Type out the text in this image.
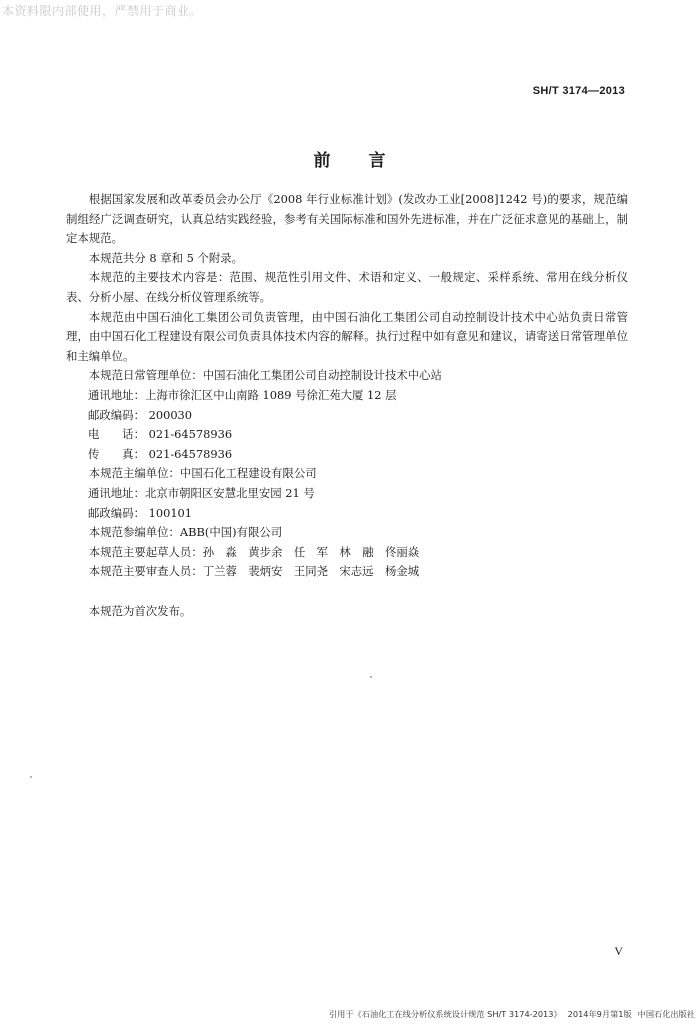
本资料限内部使用，严禁用于商业。
SH/T 3174—2013
前言

根据国家发展和改革委员会办公厅《2008 年行业标准计划》(发改办工业[2008]1242 号)的要求，规范编制组经广泛调查研究，认真总结实践经验，参考有关国际标准和国外先进标准，并在广泛征求意见的基础上，制定本规范。

本规范共分 8 章和 5 个附录。

本规范的主要技术内容是：范围、规范性引用文件、术语和定义、一般规定、采样系统、常用在线分析仪表、分析小屋、在线分析仪管理系统等。

本规范由中国石油化工集团公司负责管理，由中国石油化工集团公司自动控制设计技术中心站负责日常管理，由中国石化工程建设有限公司负责具体技术内容的解释。执行过程中如有意见和建议，请寄送日常管理单位和主编单位。

本规范日常管理单位：中国石油化工集团公司自动控制设计技术中心站

通讯地址：上海市徐汇区中山南路 1089 号徐汇苑大厦 12 层
邮政编码： 200030
电　　话： 021-64578936
传　　真： 021-64578936

本规范主编单位：中国石化工程建设有限公司

通讯地址：北京市朝阳区安慧北里安园 21 号
邮政编码： 100101

本规范参编单位：ABB(中国)有限公司

本规范主要起草人员：孙　淼　黄步余　任　军　林　融　佟丽焱

本规范主要审查人员：丁兰蓉　裴炳安　王同尧　宋志远　杨金城

本规范为首次发布。

V
引用于《石油化工在线分析仪系统设计规范 SH/T 3174-2013》 2014年9月第1版 中国石化出版社
